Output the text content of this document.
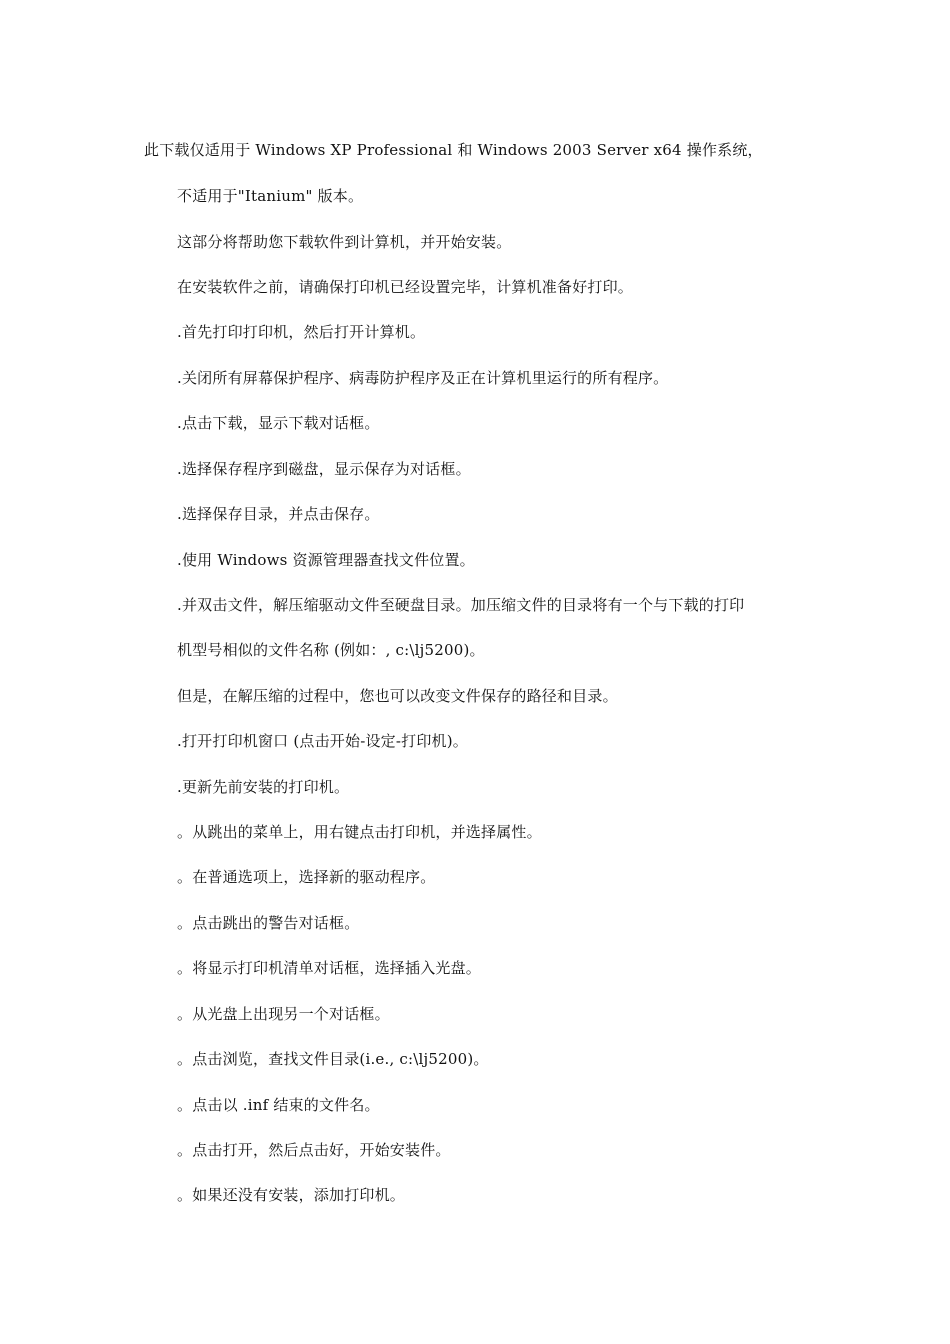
此下载仅适用于 Windows XP Professional 和 Windows 2003 Server x64 操作系统，
不适用于"Itanium" 版本。
这部分将帮助您下载软件到计算机，并开始安装。
在安装软件之前，请确保打印机已经设置完毕，计算机准备好打印。
.首先打印打印机，然后打开计算机。
.关闭所有屏幕保护程序、病毒防护程序及正在计算机里运行的所有程序。
.点击下载，显示下载对话框。
.选择保存程序到磁盘，显示保存为对话框。
.选择保存目录，并点击保存。
.使用 Windows 资源管理器查找文件位置。
.并双击文件，解压缩驱动文件至硬盘目录。加压缩文件的目录将有一个与下载的打印
机型号相似的文件名称 (例如：, c:\lj5200)。
但是，在解压缩的过程中，您也可以改变文件保存的路径和目录。
.打开打印机窗口 (点击开始-设定-打印机)。
.更新先前安装的打印机。
。从跳出的菜单上，用右键点击打印机，并选择属性。
。在普通选项上，选择新的驱动程序。
。点击跳出的警告对话框。
。将显示打印机清单对话框，选择插入光盘。
。从光盘上出现另一个对话框。
。点击浏览，查找文件目录(i.e., c:\lj5200)。
。点击以 .inf 结束的文件名。
。点击打开，然后点击好，开始安装件。
。如果还没有安装，添加打印机。
